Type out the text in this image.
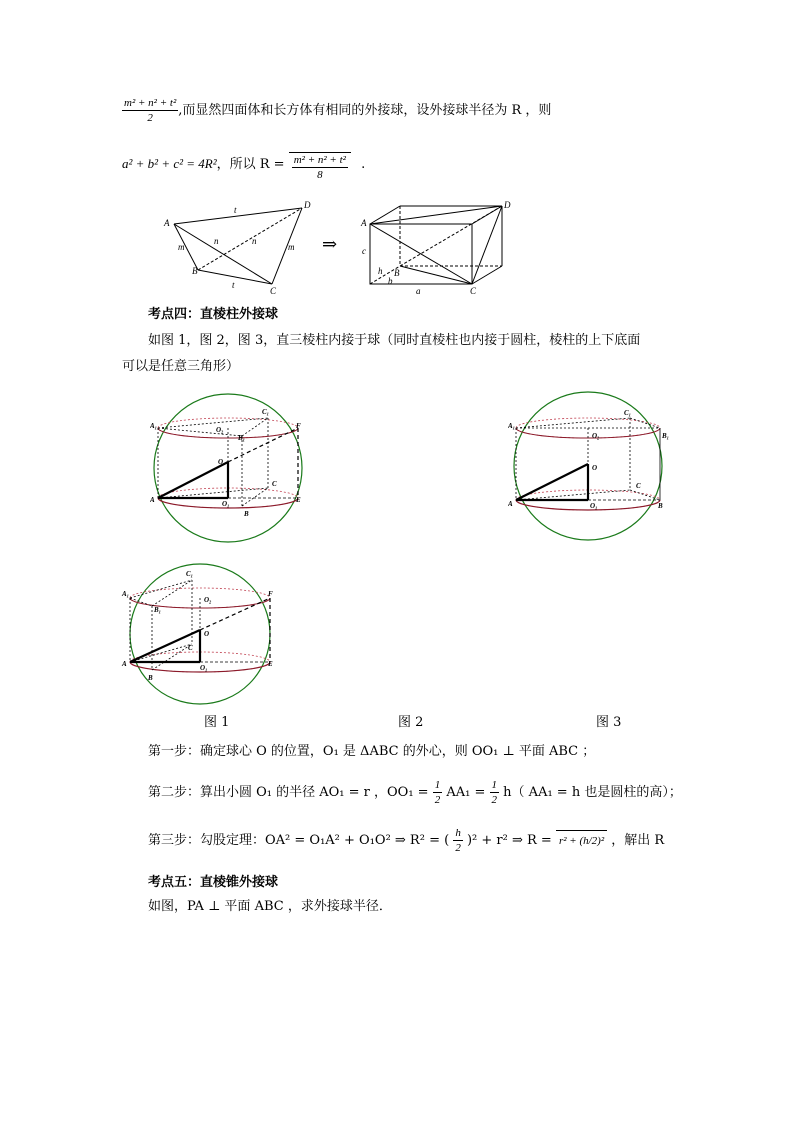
$\frac{\text{m² + n² + t²}}{2}$ ,而显然四面体和长方体有相同的外接球，设外接球半径为 R ，则
a² + b² + c² = 4R²，所以 $R = \frac{\text{m² + n² + t²}}{8}$ .
A
D
t
n	n
m	m
B
t
C
⇒
A
D
c
h B
b
a	C
考点四：直棱柱外接球
如图 1，图 2，图 3，直三棱柱内接于球（同时直棱柱也内接于圆柱，棱柱的上下底面
可以是任意三角形）
A₁
C₁
O₂
B₁
F
O
C
A	O₁	E
B
A₁
C₁
O₂	B₁
O
C
A	O₁	B
C₁
A₁
B₁
O₂
F
O
C
A	O₁	E
B
图 1	图 2	图 3
第一步：确定球心 O 的位置，O₁ 是 ΔABC 的外心，则 OO₁ ⊥ 平面 ABC ；
第二步：算出小圆 O₁ 的半径 AO₁ = r ，$OO_1 = \frac{1}{2} AA_1 = \frac{1}{2} h$（ AA₁ = h 也是圆柱的高）；
第三步：勾股定理：OA² = O₁A² + O₁O² ⇒ R² = ( $\frac{h}{2} )^2 + r^2$ ⇒ R = r² + (h/2)² ，解出 R
考点五：直棱锥外接球
如图，PA ⊥ 平面 ABC ，求外接球半径．
